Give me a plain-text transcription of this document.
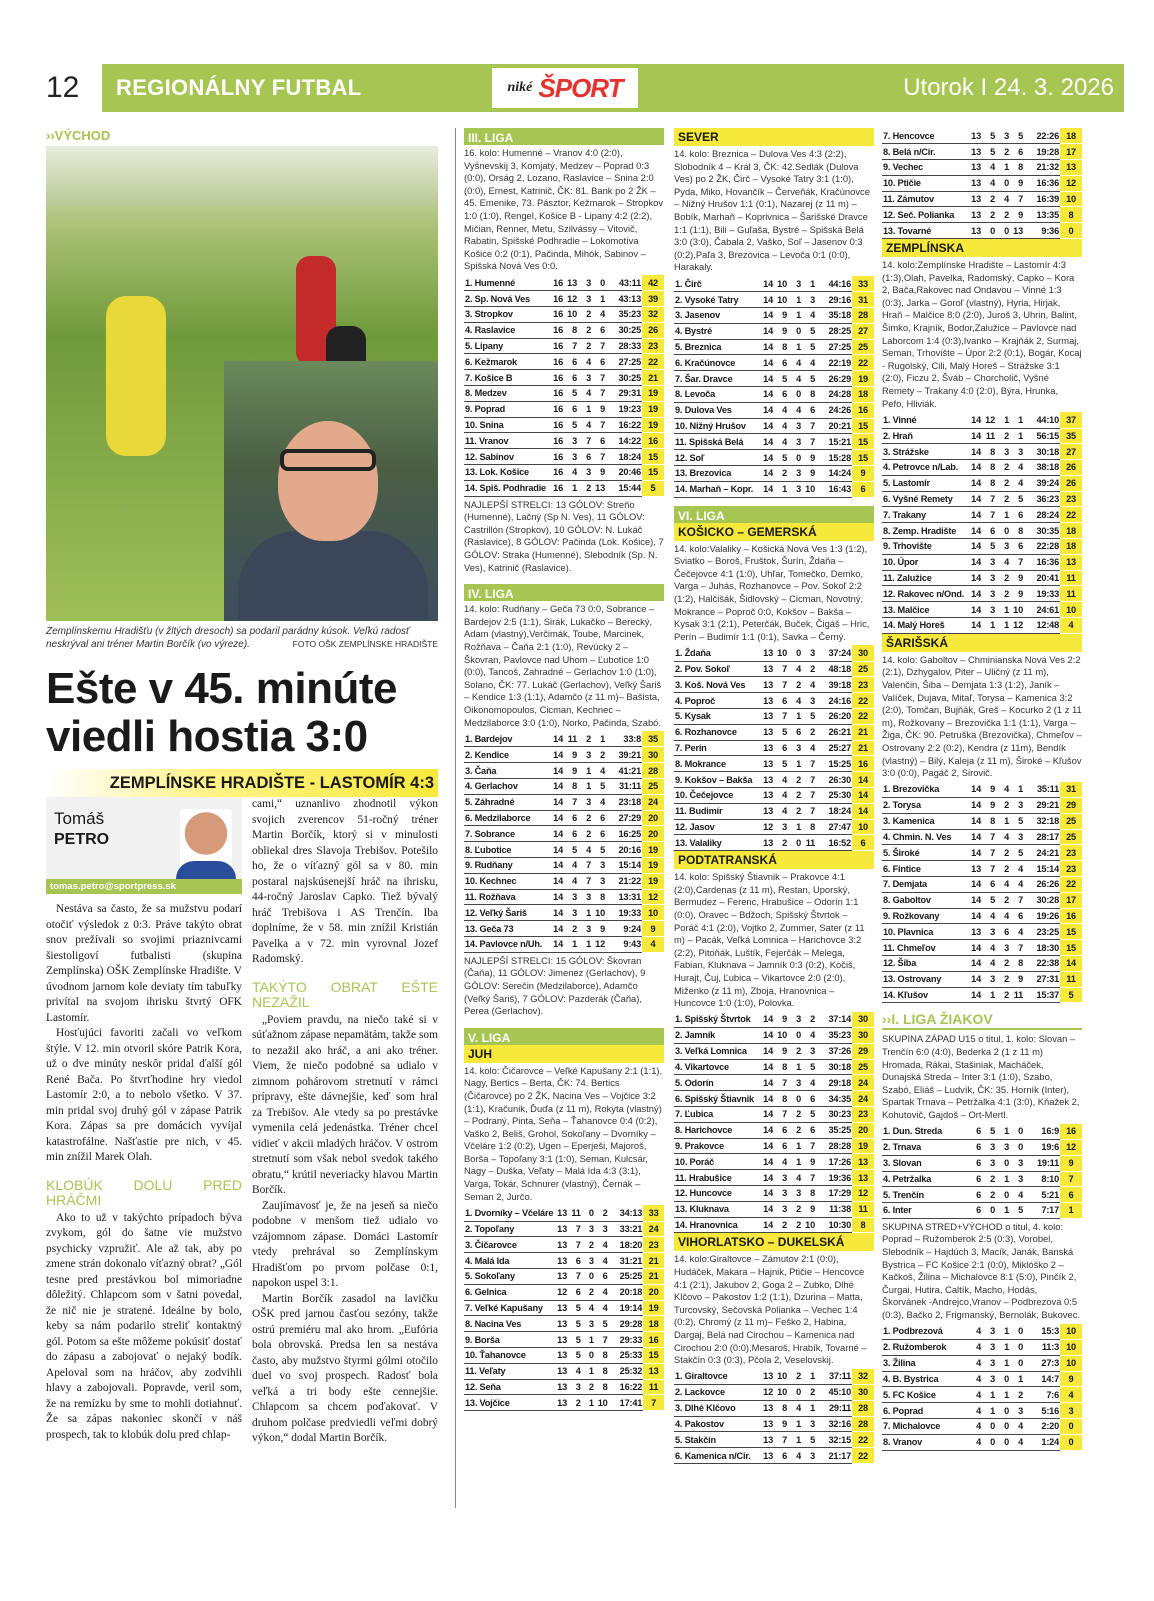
12	REGIONÁLNY FUTBAL	niké ŠPORT	Utorok I 24. 3. 2026
››VÝCHOD
Zemplínskemu Hradišťu (v žltých dresoch) sa podaril parádny kúsok. Veľkú radosť neskrýval ani tréner Martin Borčík (vo výreze).	FOTO OŠK ZEMPLÍNSKE HRADIŠTE
Ešte v 45. minúte viedli hostia 3:0
ZEMPLÍNSKE HRADIŠTE - LASTOMÍR 4:3
Tomáš
PETRO
tomas.petro@sportpress.sk

Nestáva sa často, že sa mužstvu podarí otočiť výsledok z 0:3. Práve takýto obrat snov prežívali so svojimi priaznivcami šiestoligoví futbalisti (skupina Zemplínska) OŠK Zemplínske Hradište. V úvodnom jarnom kole deviaty tím tabuľky privítal na svojom ihrisku štvrtý OFK Lastomír.

Hosťujúci favoriti začali vo veľkom štýle. V 12. min otvoril skóre Patrik Kora, už o dve minúty neskôr pridal ďalší gól René Bača. Po štvrťhodine hry viedol Lastomír 2:0, a to nebolo všetko. V 37. min pridal svoj druhý gól v zápase Patrik Kora. Zápas sa pre domácich vyvíjal katastrofálne. Našťastie pre nich, v 45. min znížil Marek Olah.

KLOBÚK DOLU PRED HRÁČMI

Ako to už v takýchto prípadoch býva zvykom, gól do šatne vie mužstvo psychicky vzpružiť. Ale až tak, aby po zmene strán dokonalo víťazný obrat? „Gól tesne pred prestávkou bol mimoriadne dôležitý. Chlapcom som v šatni povedal, že nič nie je stratené. Ideálne by bolo, keby sa nám podarilo streliť kontaktný gól. Potom sa ešte môžeme pokúsiť dostať do zápasu a zabojovať o nejaký bodík. Apeloval som na hráčov, aby zodvihli hlavy a zabojovali. Popravde, veril som, že na remízku by sme to mohli dotiahnuť. Že sa zápas nakoniec skončí v náš prospech, tak to klobúk dolu pred chlap-

cami,“ uznanlivo zhodnotil výkon svojich zverencov 51-ročný tréner Martin Borčík, ktorý si v minulosti obliekal dres Slavoja Trebišov. Potešilo ho, že o víťazný gól sa v 80. min postaral najskúsenejší hráč na ihrisku, 44-ročný Jaroslav Capko. Tiež bývalý hráč Trebišova i AS Trenčín. Iba doplníme, že v 58. min znížil Kristián Pavelka a v 72. min vyrovnal Jozef Radomský.

TAKÝTO OBRAT EŠTE NEZAŽIL

„Poviem pravdu, na niečo také si v súťažnom zápase nepamätám, takže som to nezažil ako hráč, a ani ako tréner. Viem, že niečo podobné sa udialo v zimnom pohárovom stretnutí v rámci prípravy, ešte dávnejšie, keď som hral za Trebišov. Ale vtedy sa po prestávke vymenila celá jedenástka. Tréner chcel vidieť v akcii mladých hráčov. V ostrom stretnutí som však nebol svedok takého obratu,“ krútil neveriacky hlavou Martin Borčík.

Zaujímavosť je, že na jeseň sa niečo podobne v menšom tiež udialo vo vzájomnom zápase. Domáci Lastomír vtedy prehrával so Zemplínskym Hradišťom po prvom polčase 0:1, napokon uspel 3:1.

Martin Borčík zasadol na lavičku OŠK pred jarnou časťou sezóny, takže ostrú premiéru mal ako hrom. „Eufória bola obrovská. Predsa len sa nestáva často, aby mužstvo štyrmi gólmi otočilo duel vo svoj prospech. Radosť bola veľká a tri body ešte cennejšie. Chlapcom sa chcem poďakovať. V druhom polčase predviedli veľmi dobrý výkon,“ dodal Martin Borčík.

III. LIGA
16. kolo: Humenné – Vranov 4:0 (2:0), Vyšnevskij 3, Komjatý, Medzev – Poprad 0:3 (0:0), Orság 2, Lozano, Raslavice – Snina 2:0 (0:0), Ernest, Katrinič, ČK: 81. Bank po 2 ŽK – 45. Emenike, 73. Pásztor, Kežmarok – Stropkov 1:0 (1:0), Rengel, Košice B - Lipany 4:2 (2:2), Mičian, Renner, Metu, Szilvássy – Vitovič, Rabatin, Spišské Podhradie – Lokomotíva Košice 0:2 (0:1), Pačinda, Mihók, Sabinov – Spišská Nová Ves 0:0.
1. Humenné	16	13	3	0	43:11	42
2. Sp. Nová Ves	16	12	3	1	43:13	39
3. Stropkov	16	10	2	4	35:23	32
4. Raslavice	16	8	2	6	30:25	26
5. Lipany	16	7	2	7	28:33	23
6. Kežmarok	16	6	4	6	27:25	22
7. Košice B	16	6	3	7	30:25	21
8. Medzev	16	5	4	7	29:31	19
9. Poprad	16	6	1	9	19:23	19
10. Snina	16	5	4	7	16:22	19
11. Vranov	16	3	7	6	14:22	16
12. Sabinov	16	3	6	7	18:24	15
13. Lok. Košice	16	4	3	9	20:46	15
14. Spiš. Podhradie	16	1	2	13	15:44	5
NAJLEPŠÍ STRELCI: 13 GÓLOV: Streňo (Humenné), Lačný (Sp N. Ves), 11 GÓLOV: Castrillón (Stropkov), 10 GÓLOV: N. Lukáč (Raslavice), 8 GÓLOV: Pačinda (Lok. Košice), 7 GÓLOV: Straka (Humenné), Slebodník (Sp. N. Ves), Katrinič (Raslavice).
IV. LIGA
14. kolo: Rudňany – Geča 73 0:0, Sobrance – Bardejov 2:5 (1:1), Sirák, Lukačko – Berecký, Adam (vlastný),Verčimák, Toube, Marcinek, Rožňava – Čaňa 2:1 (1:0), Revúcky 2 – Škovran, Pavlovce nad Uhom – Ľubotice 1:0 (0:0), Tancoš, Zahradné – Gerlachov 1:0 (1:0), Solano, ČK: 77. Lukáč (Gerlachov), Veľký Šariš – Kendice 1:3 (1:1), Adamčo (z 11 m)– Bašista, Oikonomopoulos, Cicman, Kechnec – Medzilaborce 3:0 (1:0), Norko, Pačinda, Szabó.
1. Bardejov	14	11	2	1	33:8	35
2. Kendice	14	9	3	2	39:21	30
3. Čaňa	14	9	1	4	41:21	28
4. Gerlachov	14	8	1	5	31:11	25
5. Záhradné	14	7	3	4	23:18	24
6. Medzilaborce	14	6	2	6	27:29	20
7. Sobrance	14	6	2	6	16:25	20
8. Ľubotice	14	5	4	5	20:16	19
9. Rudňany	14	4	7	3	15:14	19
10. Kechnec	14	4	7	3	21:22	19
11. Rožňava	14	3	3	8	13:31	12
12. Veľký Šariš	14	3	1	10	19:33	10
13. Geča 73	14	2	3	9	9:24	9
14. Pavlovce n/Uh.	14	1	1	12	9:43	4
NAJLEPŠÍ STRELCI: 15 GÓLOV: Škovran (Čaňa), 11 GÓLOV: Jimenez (Gerlachov), 9 GÓLOV: Serečin (Medzilaborce), Adamčo (Veľký Šariš), 7 GÓLOV: Pazderák (Čaňa), Perea (Gerlachov).
V. LIGA
JUH
14. kolo: Čičarovce – Veľké Kapušany 2:1 (1:1), Nagy, Bertics – Berta, ČK: 74. Bertics (Čičarovce) po 2 ŽK, Nacina Ves – Vojčice 3:2 (1:1), Kračunik, Ďuďa (z 11 m), Rokyta (vlastný) – Podraný, Pinta, Seňa – Ťahanovce 0:4 (0:2), Vaško 2, Beliš, Grohol, Sokoľany – Dvorníky – Včeláre 1:2 (0:2), Ugen – Eperješi, Majoroš, Borša – Topoľany 3:1 (1:0), Seman, Kulcsár, Nagy – Duška, Veľaty – Malá Ida 4:3 (3:1), Varga, Tokár, Schnurer (vlastný), Černák – Seman 2, Jurčo.
1. Dvorníky – Včeláre	13	11	0	2	34:13	33
2. Topoľany	13	7	3	3	33:21	24
3. Čičarovce	13	7	2	4	18:20	23
4. Malá Ida	13	6	3	4	31:21	21
5. Sokoľany	13	7	0	6	25:25	21
6. Gelnica	12	6	2	4	20:18	20
7. Veľké Kapušany	13	5	4	4	19:14	19
8. Nacina Ves	13	5	3	5	29:28	18
9. Borša	13	5	1	7	29:33	16
10. Ťahanovce	13	5	0	8	25:33	15
11. Veľaty	13	4	1	8	25:32	13
12. Seňa	13	3	2	8	16:22	11
13. Vojčice	13	2	1	10	17:41	7
SEVER
14. kolo: Breznica – Dulova Ves 4:3 (2:2), Slobodník 4 – Král 3, ČK: 42.Sedlák (Dulova Ves) po 2 ŽK, Čirč – Vysoké Tatry 3:1 (1:0), Pyda, Miko, Hovančík – Červeňák, Kračúnovce – Nižný Hrušov 1:1 (0:1), Nazarej (z 11 m) – Bobík, Marhaň – Koprivnica – Šarišské Dravce 1:1 (1:1), Bili – Guľaša, Bystré – Spišská Belá 3:0 (3:0), Čabala 2, Vaško, Soľ – Jasenov 0:3 (0:2),Paľa 3, Brezovica – Levoča 0:1 (0:0), Harakaly.
1. Čirč	14	10	3	1	44:16	33
2. Vysoké Tatry	14	10	1	3	29:16	31
3. Jasenov	14	9	1	4	35:18	28
4. Bystré	14	9	0	5	28:25	27
5. Breznica	14	8	1	5	27:25	25
6. Kračúnovce	14	6	4	4	22:19	22
7. Šar. Dravce	14	5	4	5	26:29	19
8. Levoča	14	6	0	8	24:28	18
9. Dulova Ves	14	4	4	6	24:26	16
10. Nižný Hrušov	14	4	3	7	20:21	15
11. Spišská Belá	14	4	3	7	15:21	15
12. Soľ	14	5	0	9	15:28	15
13. Brezovica	14	2	3	9	14:24	9
14. Marhaň – Kopr.	14	1	3	10	16:43	6
VI. LIGA
KOŠICKO – GEMERSKÁ
14. kolo:Valaliky – Košická Nová Ves 1:3 (1:2), Sviatko – Boroš, Fruštok, Šurín, Ždaňa – Čečejovce 4:1 (1:0), Uhľar, Tomečko, Demko, Varga – Juhás, Rozhanovce – Pov. Sokoľ 2:2 (1:2), Halčišák, Šidlovský – Cicman, Novotný, Mokrance – Poproč 0:0, Kokšov – Bakša – Kysak 3:1 (2:1), Peterčák, Buček, Čigáš – Hric, Perín – Budimír 1:1 (0:1), Savka – Černý.
1. Ždaňa	13	10	0	3	37:24	30
2. Pov. Sokoľ	13	7	4	2	48:18	25
3. Koš. Nová Ves	13	7	2	4	39:18	23
4. Poproč	13	6	4	3	24:16	22
5. Kysak	13	7	1	5	26:20	22
6. Rozhanovce	13	5	6	2	26:21	21
7. Perín	13	6	3	4	25:27	21
8. Mokrance	13	5	1	7	15:25	16
9. Kokšov – Bakša	13	4	2	7	26:30	14
10. Čečejovce	13	4	2	7	25:30	14
11. Budimír	13	4	2	7	18:24	14
12. Jasov	12	3	1	8	27:47	10
13. Valaliky	13	2	0	11	16:52	6
PODTATRANSKÁ
14. kolo: Spišský Štiavnik – Prakovce 4:1 (2:0),Cardenas (z 11 m), Restan, Uporský, Bermudez – Ferenc, Hrabušice – Odorín 1:1 (0:0), Oravec – Bdžoch, Spišský Štvrtok – Poráč 4:1 (2:0), Vojtko 2, Zummer, Sater (z 11 m) – Pacák, Veľká Lomnica – Harichovce 3:2 (2:2), Pitoňák, Luštík, Fejerčák – Melega, Fabian, Kluknava – Jamník 0:3 (0:2), Kočiš, Hurajt, Čuj, Ľubica – Vikartovce 2:0 (2:0), Miženko (z 11 m), Zboja, Hranovnica – Huncovce 1:0 (1:0), Polovka.
1. Spišský Štvrtok	14	9	3	2	37:14	30
2. Jamník	14	10	0	4	35:23	30
3. Veľká Lomnica	14	9	2	3	37:26	29
4. Vikartovce	14	8	1	5	30:18	25
5. Odorín	14	7	3	4	29:18	24
6. Spišský Štiavnik	14	8	0	6	34:35	24
7. Ľubica	14	7	2	5	30:23	23
8. Harichovce	14	6	2	6	35:25	20
9. Prakovce	14	6	1	7	28:28	19
10. Poráč	14	4	1	9	17:26	13
11. Hrabušice	14	3	4	7	19:36	13
12. Huncovce	14	3	3	8	17:29	12
13. Kluknava	14	3	2	9	11:38	11
14. Hranovnica	14	2	2	10	10:30	8
VIHORLATSKO – DUKELSKÁ
14. kolo:Giraltovce – Zámutov 2:1 (0:0), Hudáček, Makara – Hajnik, Ptičie – Hencovce 4:1 (2:1), Jakubov 2, Goga 2 – Zubko, Dlhé Klčovo – Pakostov 1:2 (1:1), Dzurina – Matta, Turcovský, Sečovská Polianka – Vechec 1:4 (0:2), Chromý (z 11 m)– Feško 2, Habina, Dargaj, Belá nad Cirochou – Kamenica nad Cirochou 2:0 (0:0),Mesaroš, Hrabík, Tovarné – Stakčín 0:3 (0:3), Pčola 2, Veselovskij.
1. Giraltovce	13	10	2	1	37:11	32
2. Lackovce	12	10	0	2	45:10	30
3. Dlhé Klčovo	13	8	4	1	29:11	28
4. Pakostov	13	9	1	3	32:16	28
5. Stakčín	13	7	1	5	32:15	22
6. Kamenica n/Cir.	13	6	4	3	21:17	22
7. Hencovce	13	5	3	5	22:26	18
8. Belá n/Cir.	13	5	2	6	19:28	17
9. Vechec	13	4	1	8	21:32	13
10. Ptičie	13	4	0	9	16:36	12
11. Zámutov	13	2	4	7	16:39	10
12. Seč. Polianka	13	2	2	9	13:35	8
13. Tovarné	13	0	0	13	9:36	0
ZEMPLÍNSKA
14. kolo:Zemplínske Hradište – Lastomír 4:3 (1:3),Olah, Pavelka, Radomský, Capko – Kora 2, Bača,Rakovec nad Ondavou – Vinné 1:3 (0:3), Jarka – Goroľ (vlastný), Hyria, Hirjak, Hraň – Malčice 8:0 (2:0), Juroš 3, Uhrin, Balint, Šimko, Krajník, Bodor,Zalužice – Pavlovce nad Laborcom 1:4 (0:3),Ivanko – Krajňák 2, Surmaj, Seman, Trhovište – Úpor 2:2 (0:1), Bogár, Kocaj - Rugolský, Cili, Malý Horeš – Strážske 3:1 (2:0), Ficzu 2, Šváb – Chorcholič, Vyšné Remety – Trakany 4:0 (2:0), Býra, Hrunka, Pefo, Hliviák.
1. Vinné	14	12	1	1	44:10	37
2. Hraň	14	11	2	1	56:15	35
3. Strážske	14	8	3	3	30:18	27
4. Petrovce n/Lab.	14	8	2	4	38:18	26
5. Lastomír	14	8	2	4	39:24	26
6. Vyšné Remety	14	7	2	5	36:23	23
7. Trakany	14	7	1	6	28:24	22
8. Zemp. Hradište	14	6	0	8	30:35	18
9. Trhovište	14	5	3	6	22:28	18
10. Úpor	14	3	4	7	16:36	13
11. Zalužice	14	3	2	9	20:41	11
12. Rakovec n/Ond.	14	3	2	9	19:33	11
13. Malčice	14	3	1	10	24:61	10
14. Malý Horeš	14	1	1	12	12:48	4
ŠARIŠSKÁ
14. kolo: Gaboltov – Chminianska Nová Ves 2:2 (2:1), Dzhygalov, Piter – Uličný (z 11 m), Valenčin, Šiba – Demjata 1:3 (1:2), Janík – Valíček, Dujava, Mitaľ, Torysa – Kamenica 3:2 (2:0), Tomčan, Bujňák, Greš – Kocurko 2 (1 z 11 m), Rožkovany – Brezovička 1:1 (1:1), Varga – Žiga, ČK: 90. Petruška (Brezovička), Chmeľov – Ostrovany 2:2 (0:2), Kendra (z 11m), Bendík (vlastný) – Bilý, Kaleja (z 11 m), Široké – Kľušov 3:0 (0:0), Pagáč 2, Sirovič.
1. Brezovička	14	9	4	1	35:11	31
2. Torysa	14	9	2	3	29:21	29
3. Kamenica	14	8	1	5	32:18	25
4. Chmin. N. Ves	14	7	4	3	28:17	25
5. Široké	14	7	2	5	24:21	23
6. Fintice	13	7	2	4	15:14	23
7. Demjata	14	6	4	4	26:26	22
8. Gaboltov	14	5	2	7	30:28	17
9. Rožkovany	14	4	4	6	19:26	16
10. Plavnica	13	3	6	4	23:25	15
11. Chmeľov	14	4	3	7	18:30	15
12. Šiba	14	4	2	8	22:38	14
13. Ostrovany	14	3	2	9	27:31	11
14. Kľušov	14	1	2	11	15:37	5
››I. LIGA ŽIAKOV
SKUPINA ZÁPAD U15 o titul, 1. kolo: Slovan – Trenčín 6:0 (4:0), Bederka 2 (1 z 11 m) Hromada, Rákai, Stašiniak, Macháček, Dunajská Streda – Inter 3:1 (1:0), Szabo, Szabó, Eliáš – Ludvík, ČK: 35. Horník (Inter), Spartak Trnava – Petržalka 4:1 (3:0), Kňažek 2, Kohutovič, Gajdoš – Ort-Mertl.
1. Dun. Streda	6	5	1	0	16:9	16
2. Trnava	6	3	3	0	19:6	12
3. Slovan	6	3	0	3	19:11	9
4. Petržalka	6	2	1	3	8:10	7
5. Trenčín	6	2	0	4	5:21	6
6. Inter	6	0	1	5	7:17	1
SKUPINA STRED+VÝCHOD o titul, 4. kolo: Poprad – Ružomberok 2:5 (0:3), Vorobel, Slebodník – Hajdúch 3, Macík, Janák, Banská Bystrica – FC Košice 2:1 (0:0), Miklóško 2 – Kačkoš, Žilina – Michalovce 8:1 (5:0), Pinčík 2, Čurgai, Hutira, Caltík, Macho, Hodás, Škorvánek -Andrejco,Vranov – Podbrezová 0:5 (0:3), Bačko 2, Frigmanský, Bernolák, Bukovec.
1. Podbrezová	4	3	1	0	15:3	10
2. Ružomberok	4	3	1	0	11:3	10
3. Žilina	4	3	1	0	27:3	10
4. B. Bystrica	4	3	0	1	14:7	9
5. FC Košice	4	1	1	2	7:6	4
6. Poprad	4	1	0	3	5:16	3
7. Michalovce	4	0	0	4	2:20	0
8. Vranov	4	0	0	4	1:24	0
